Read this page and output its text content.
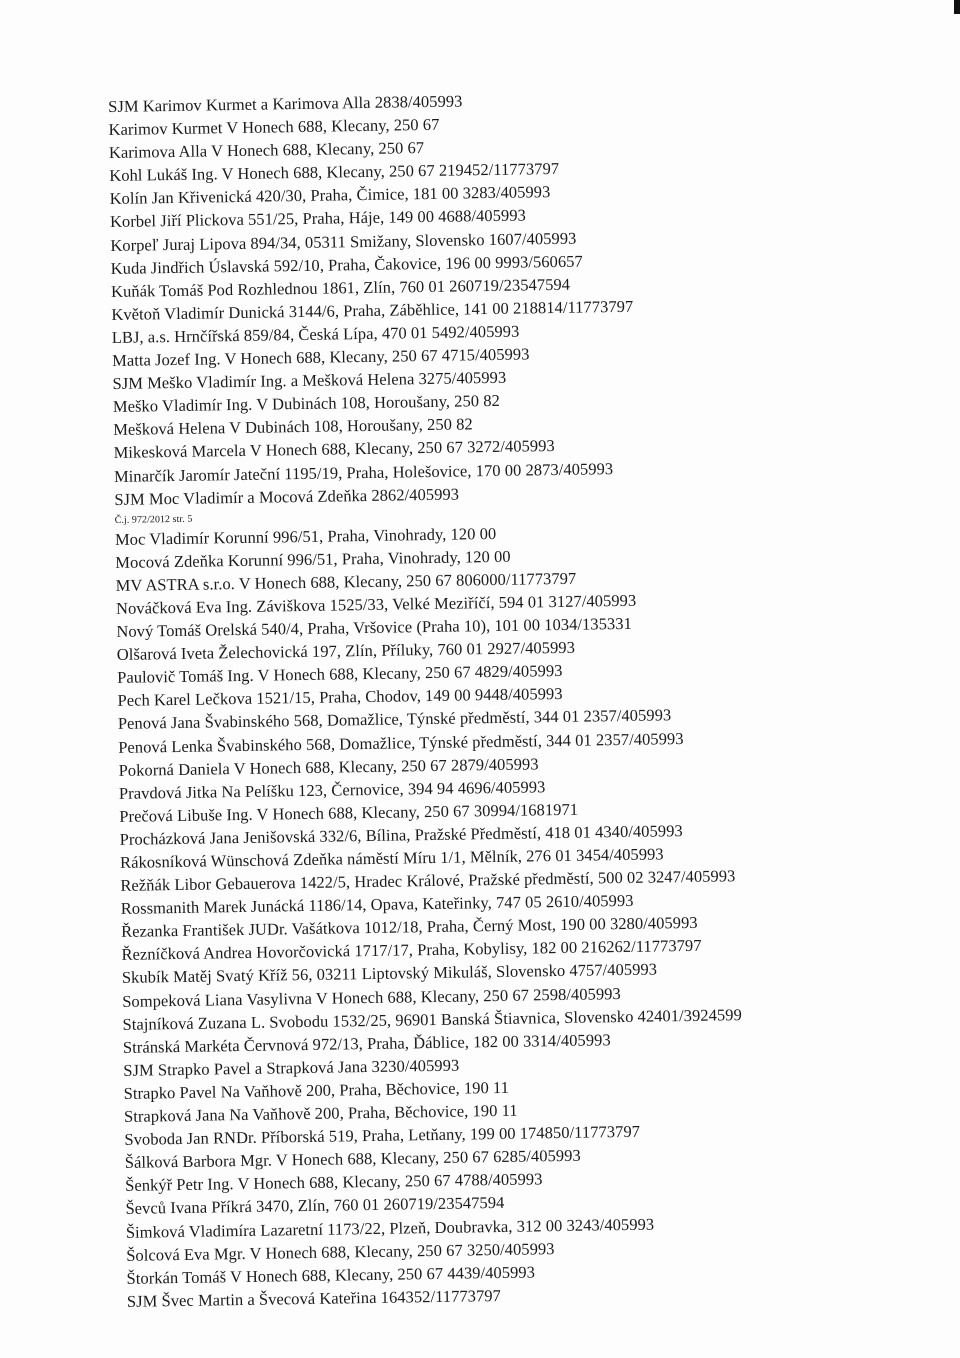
SJM Karimov Kurmet a Karimova Alla 2838/405993
Karimov Kurmet V Honech 688, Klecany, 250 67
Karimova Alla V Honech 688, Klecany, 250 67
Kohl Lukáš Ing. V Honech 688, Klecany, 250 67 219452/11773797
Kolín Jan Křivenická 420/30, Praha, Čimice, 181 00 3283/405993
Korbel Jiří Plickova 551/25, Praha, Háje, 149 00 4688/405993
Korpeľ Juraj Lipova 894/34, 05311 Smižany, Slovensko 1607/405993
Kuda Jindřich Úslavská 592/10, Praha, Čakovice, 196 00 9993/560657
Kuňák Tomáš Pod Rozhlednou 1861, Zlín, 760 01 260719/23547594
Květoň Vladimír Dunická 3144/6, Praha, Záběhlice, 141 00 218814/11773797
LBJ, a.s. Hrnčířská 859/84, Česká Lípa, 470 01 5492/405993
Matta Jozef Ing. V Honech 688, Klecany, 250 67 4715/405993
SJM Meško Vladimír Ing. a Mešková Helena 3275/405993
Meško Vladimír Ing. V Dubinách 108, Horoušany, 250 82
Mešková Helena V Dubinách 108, Horoušany, 250 82
Mikesková Marcela V Honech 688, Klecany, 250 67 3272/405993
Minarčík Jaromír Jateční 1195/19, Praha, Holešovice, 170 00 2873/405993
SJM Moc Vladimír a Mocová Zdeňka 2862/405993
Č.j. 972/2012 str. 5
Moc Vladimír Korunní 996/51, Praha, Vinohrady, 120 00
Mocová Zdeňka Korunní 996/51, Praha, Vinohrady, 120 00
MV ASTRA s.r.o. V Honech 688, Klecany, 250 67 806000/11773797
Nováčková Eva Ing. Záviškova 1525/33, Velké Meziříčí, 594 01 3127/405993
Nový Tomáš Orelská 540/4, Praha, Vršovice (Praha 10), 101 00 1034/135331
Olšarová Iveta Želechovická 197, Zlín, Příluky, 760 01 2927/405993
Paulovič Tomáš Ing. V Honech 688, Klecany, 250 67 4829/405993
Pech Karel Lečkova 1521/15, Praha, Chodov, 149 00 9448/405993
Penová Jana Švabinského 568, Domažlice, Týnské předměstí, 344 01 2357/405993
Penová Lenka Švabinského 568, Domažlice, Týnské předměstí, 344 01 2357/405993
Pokorná Daniela V Honech 688, Klecany, 250 67 2879/405993
Pravdová Jitka Na Pelíšku 123, Černovice, 394 94 4696/405993
Prečová Libuše Ing. V Honech 688, Klecany, 250 67 30994/1681971
Procházková Jana Jenišovská 332/6, Bílina, Pražské Předměstí, 418 01 4340/405993
Rákosníková Wünschová Zdeňka náměstí Míru 1/1, Mělník, 276 01 3454/405993
Režňák Libor Gebauerova 1422/5, Hradec Králové, Pražské předměstí, 500 02 3247/405993
Rossmanith Marek Junácká 1186/14, Opava, Kateřinky, 747 05 2610/405993
Řezanka František JUDr. Vašátkova 1012/18, Praha, Černý Most, 190 00 3280/405993
Řezníčková Andrea Hovorčovická 1717/17, Praha, Kobylisy, 182 00 216262/11773797
Skubík Matěj Svatý Kříž 56, 03211 Liptovský Mikuláš, Slovensko 4757/405993
Sompeková Liana Vasylivna V Honech 688, Klecany, 250 67 2598/405993
Stajníková Zuzana L. Svobodu 1532/25, 96901 Banská Štiavnica, Slovensko 42401/3924599
Stránská Markéta Červnová 972/13, Praha, Ďáblice, 182 00 3314/405993
SJM Strapko Pavel a Strapková Jana 3230/405993
Strapko Pavel Na Vaňhově 200, Praha, Běchovice, 190 11
Strapková Jana Na Vaňhově 200, Praha, Běchovice, 190 11
Svoboda Jan RNDr. Příborská 519, Praha, Letňany, 199 00 174850/11773797
Šálková Barbora Mgr. V Honech 688, Klecany, 250 67 6285/405993
Šenkýř Petr Ing. V Honech 688, Klecany, 250 67 4788/405993
Ševců Ivana Příkrá 3470, Zlín, 760 01 260719/23547594
Šimková Vladimíra Lazaretní 1173/22, Plzeň, Doubravka, 312 00 3243/405993
Šolcová Eva Mgr. V Honech 688, Klecany, 250 67 3250/405993
Štorkán Tomáš V Honech 688, Klecany, 250 67 4439/405993
SJM Švec Martin a Švecová Kateřina 164352/11773797
